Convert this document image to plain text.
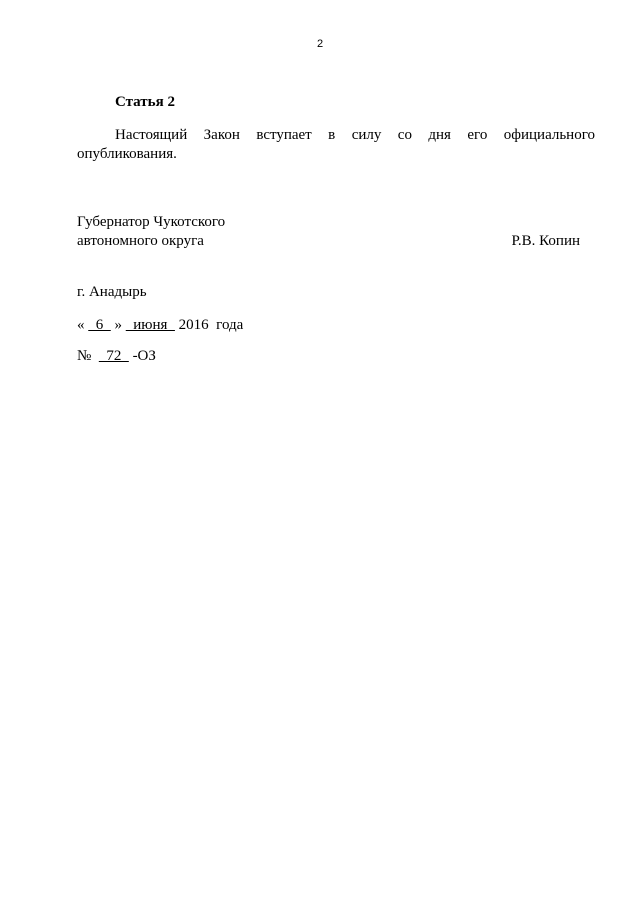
2
Статья 2
Настоящий Закон вступает в силу со дня его официального
опубликования.
Губернатор Чукотского
автономного округа	Р.В. Копин
г. Анадырь
«   6   »   июня   2016 года
№    72   -ОЗ
